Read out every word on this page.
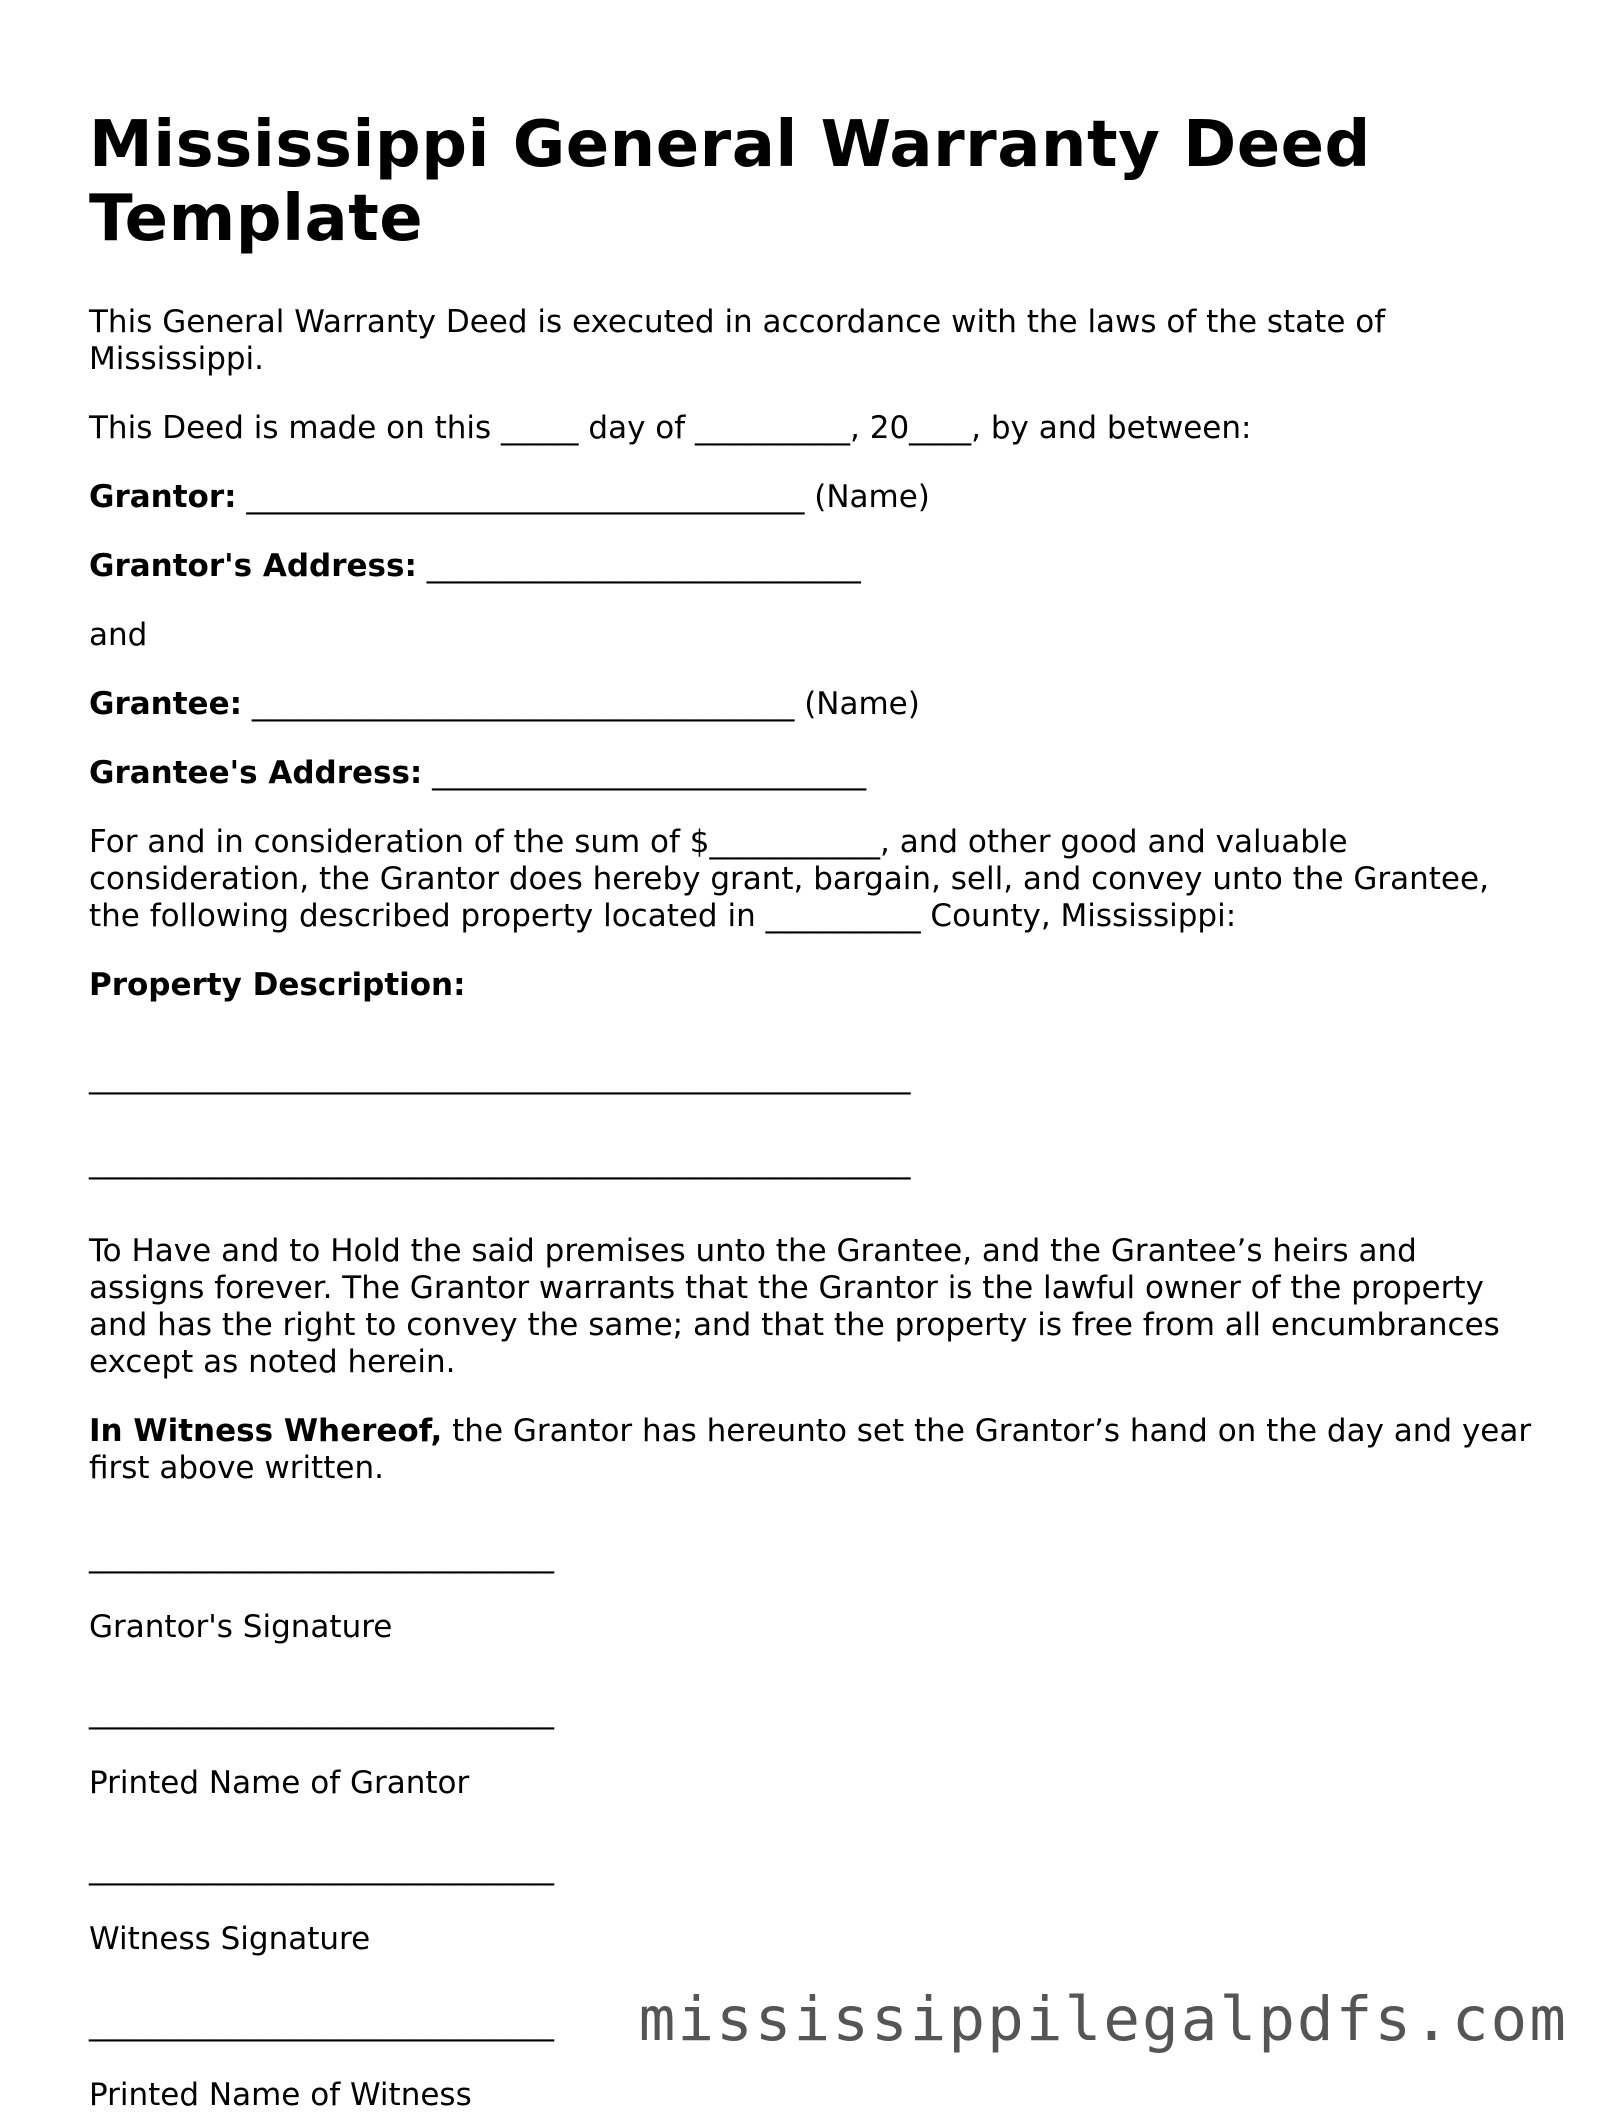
Mississippi General Warranty Deed Template

This General Warranty Deed is executed in accordance with the laws of the state of Mississippi.

This Deed is made on this _____ day of __________, 20____, by and between:

Grantor: ____________________________________ (Name)

Grantor's Address: ____________________________

and

Grantee: ___________________________________ (Name)

Grantee's Address: ____________________________

For and in consideration of the sum of $___________, and other good and valuable consideration, the Grantor does hereby grant, bargain, sell, and convey unto the Grantee, the following described property located in __________ County, Mississippi:

Property Description:

_____________________________________________________

_____________________________________________________

To Have and to Hold the said premises unto the Grantee, and the Grantee’s heirs and assigns forever. The Grantor warrants that the Grantor is the lawful owner of the property and has the right to convey the same; and that the property is free from all encumbrances except as noted herein.

In Witness Whereof, the Grantor has hereunto set the Grantor’s hand on the day and year first above written.

______________________________

Grantor's Signature

______________________________

Printed Name of Grantor

______________________________

Witness Signature

______________________________

Printed Name of Witness

mississippilegalpdfs.com
